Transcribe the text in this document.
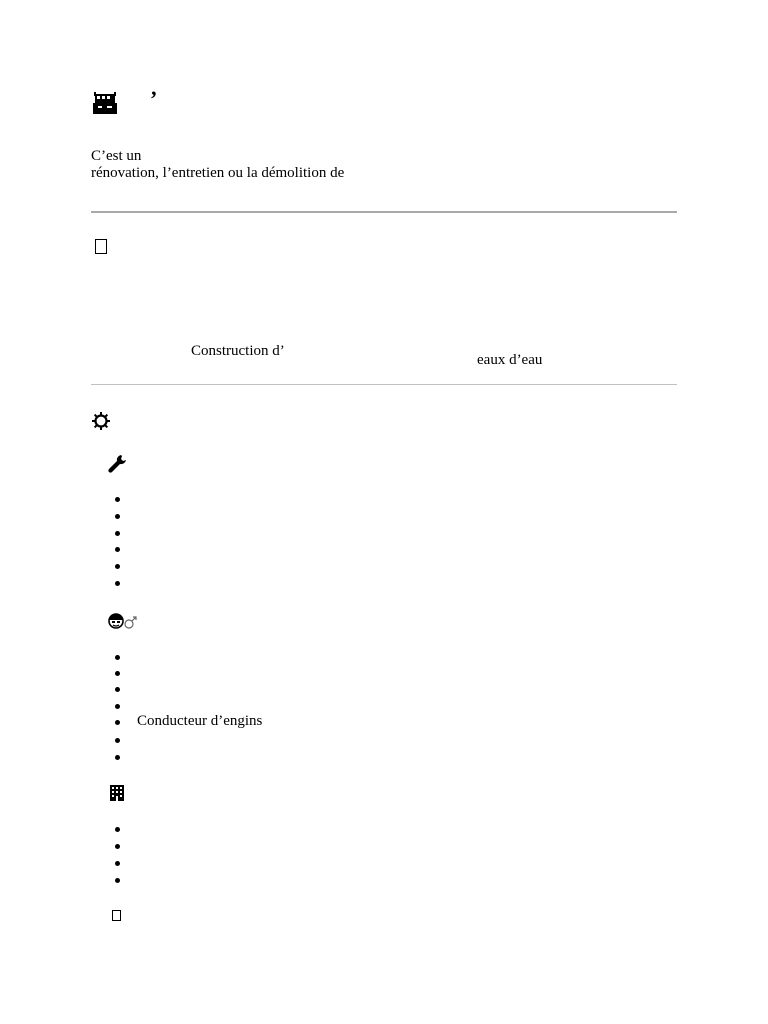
’
C’est un
rénovation, l’entretien ou la démolition de
Construction d’
eaux d’eau
Conducteur d’engins
